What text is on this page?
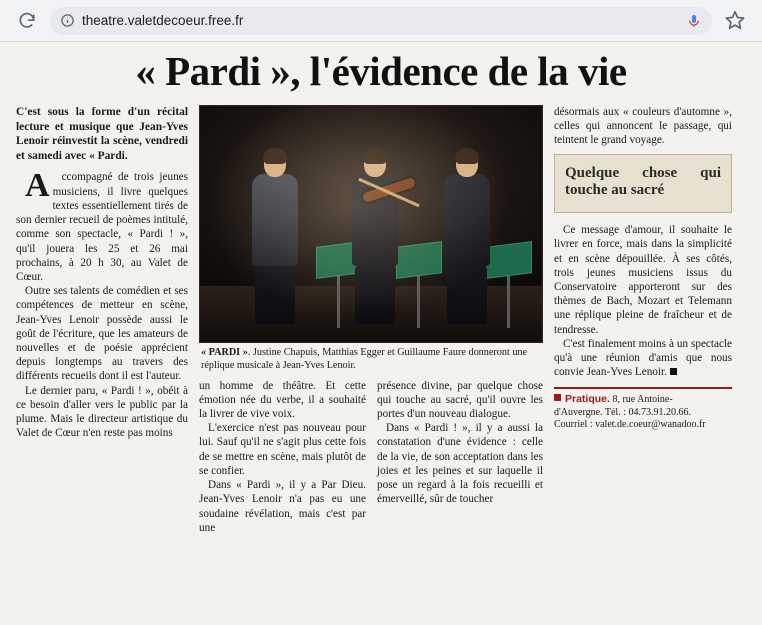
theatre.valetdecoeur.free.fr
« Pardi », l'évidence de la vie
C'est sous la forme d'un récital lecture et musique que Jean-Yves Lenoir réinvestit la scène, vendredi et samedi avec « Pardi.

A ccompagné de trois jeunes musiciens, il livre quelques textes essentiellement tirés de son dernier recueil de poèmes intitulé, comme son spectacle, « Pardi ! », qu'il jouera les 25 et 26 mai prochains, à 20 h 30, au Valet de Cœur.

Outre ses talents de comédien et ses compétences de metteur en scène, Jean-Yves Lenoir possède aussi le goût de l'écriture, que les amateurs de nouvelles et de poésie apprécient depuis longtemps au travers des différents recueils dont il est l'auteur.

Le dernier paru, « Pardi ! », obéit à ce besoin d'aller vers le public par la plume. Mais le directeur artistique du Valet de Cœur n'en reste pas moins

« PARDI ». Justine Chapuis, Matthias Egger et Guillaume Faure donneront une réplique musicale à Jean-Yves Lenoir.

un homme de théâtre. Et cette émotion née du verbe, il a souhaité la livrer de vive voix.

L'exercice n'est pas nouveau pour lui. Sauf qu'il ne s'agit plus cette fois de se mettre en scène, mais plutôt de se confier.

Dans « Pardi », il y a Par Dieu. Jean-Yves Lenoir n'a pas eu une soudaine révélation, mais c'est par une

présence divine, par quelque chose qui touche au sacré, qu'il ouvre les portes d'un nouveau dialogue.

Dans « Pardi ! », il y a aussi la constatation d'une évidence : celle de la vie, de son acceptation dans les joies et les peines et sur laquelle il pose un regard à la fois recueilli et émerveillé, sûr de toucher

désormais aux « couleurs d'automne », celles qui annoncent le passage, qui teintent le grand voyage.

Quelque chose qui touche au sacré

Ce message d'amour, il souhaite le livrer en force, mais dans la simplicité et en scène dépouillée. À ses côtés, trois jeunes musiciens issus du Conservatoire apporteront sur des thèmes de Bach, Mozart et Telemann une réplique pleine de fraîcheur et de tendresse.

C'est finalement moins à un spectacle qu'à une réunion d'amis que nous convie Jean-Yves Lenoir.

Pratique. 8, rue Antoine-
d'Auvergne. Tél. : 04.73.91.20.66.
Courriel : valet.de.coeur@wanadoo.fr
